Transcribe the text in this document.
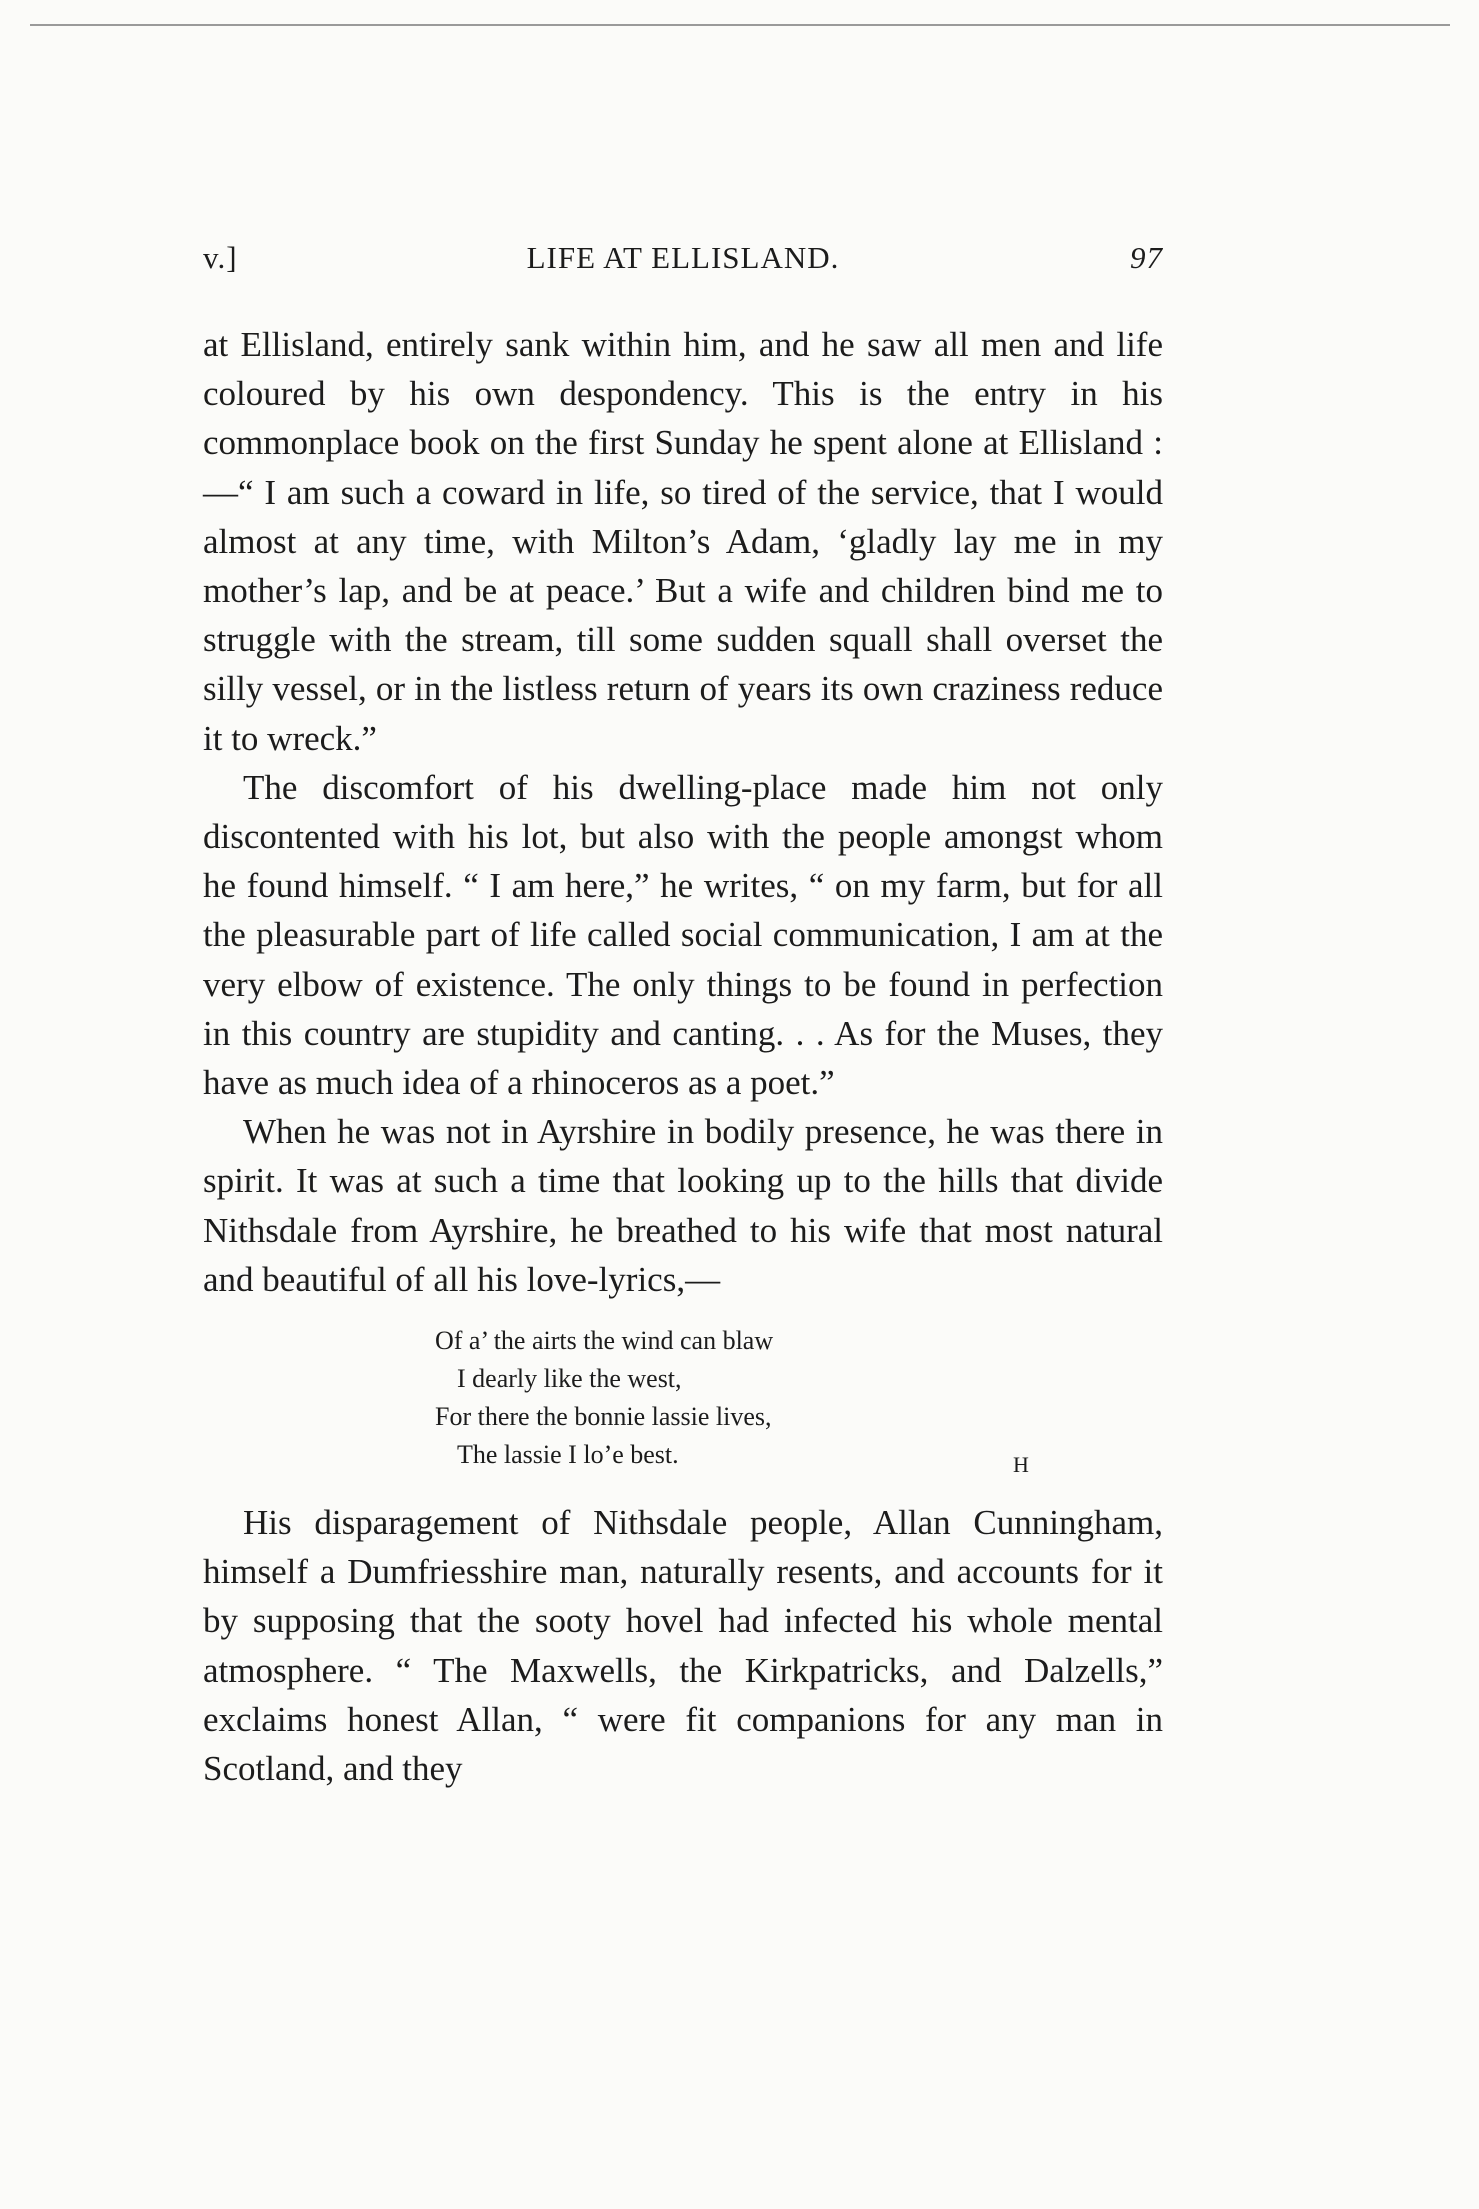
v.]	LIFE AT ELLISLAND.	97

at Ellisland, entirely sank within him, and he saw all men and life coloured by his own despondency. This is the entry in his commonplace book on the first Sunday he spent alone at Ellisland :—“ I am such a coward in life, so tired of the service, that I would almost at any time, with Milton’s Adam, ‘gladly lay me in my mother’s lap, and be at peace.’ But a wife and children bind me to struggle with the stream, till some sudden squall shall overset the silly vessel, or in the listless return of years its own craziness reduce it to wreck.”

The discomfort of his dwelling-place made him not only discontented with his lot, but also with the people amongst whom he found himself. “ I am here,” he writes, “ on my farm, but for all the pleasurable part of life called social communication, I am at the very elbow of existence. The only things to be found in perfection in this country are stupidity and canting. . . As for the Muses, they have as much idea of a rhinoceros as a poet.”

When he was not in Ayrshire in bodily presence, he was there in spirit. It was at such a time that looking up to the hills that divide Nithsdale from Ayrshire, he breathed to his wife that most natural and beautiful of all his love-lyrics,—

Of a’ the airts the wind can blaw
I dearly like the west,
For there the bonnie lassie lives,
The lassie I lo’e best.

His disparagement of Nithsdale people, Allan Cunningham, himself a Dumfriesshire man, naturally resents, and accounts for it by supposing that the sooty hovel had infected his whole mental atmosphere. “ The Maxwells, the Kirkpatricks, and Dalzells,” exclaims honest Allan, “ were fit companions for any man in Scotland, and they

H
